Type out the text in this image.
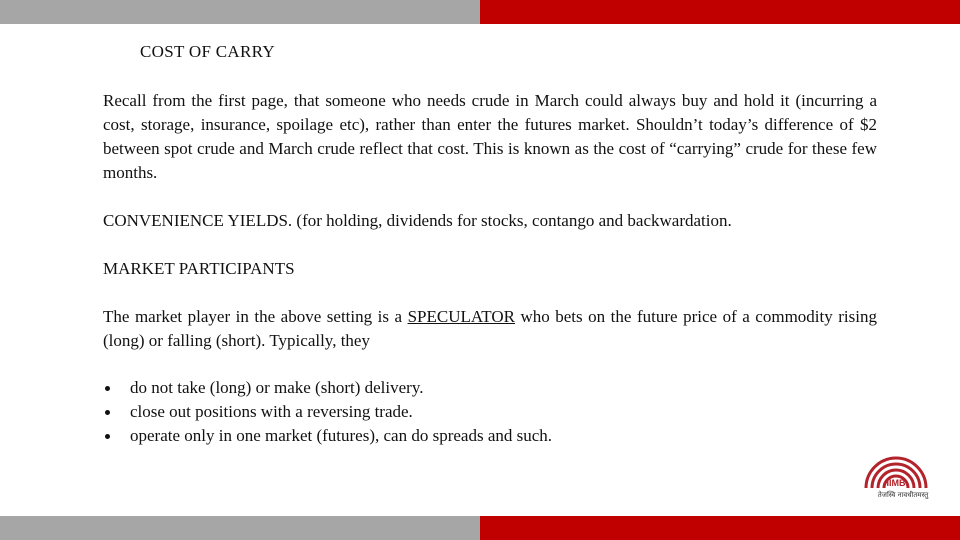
COST OF CARRY

Recall from the first page, that someone who needs crude in March could always buy and hold it (incurring a cost, storage, insurance, spoilage etc), rather than enter the futures market. Shouldn’t today’s difference of $2 between spot crude and March crude reflect that cost. This is known as the cost of “carrying” crude for these few months.

CONVENIENCE YIELDS. (for holding, dividends for stocks, contango and backwardation.

MARKET PARTICIPANTS

The market player in the above setting is a SPECULATOR who bets on the future price of a commodity rising (long) or falling (short). Typically, they

do not take (long) or make (short) delivery.
close out positions with a reversing trade.
operate only in one market (futures), can do spreads and such.
IIMB
तेजस्वि नावधीतमस्तु
